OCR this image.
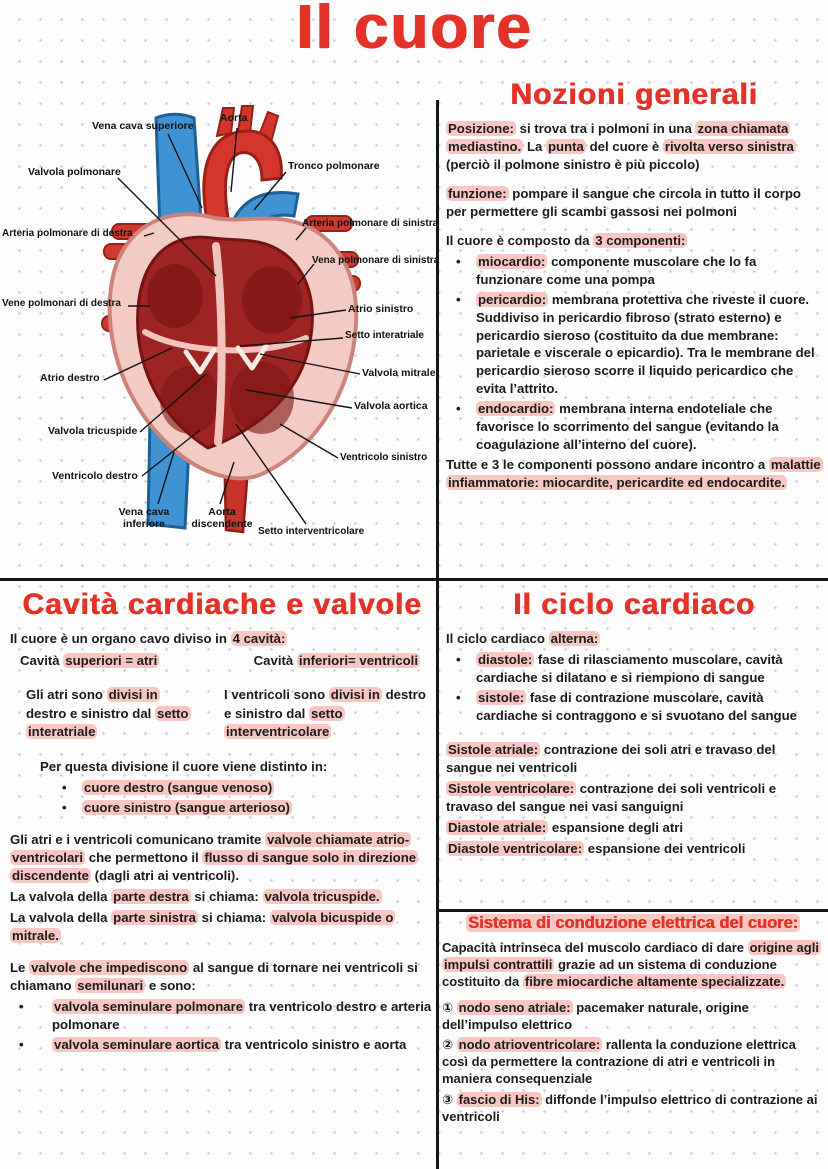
Il cuore
Vena cava superiore
Aorta
Valvola polmonare	Tronco polmonare
Arteria polmonare di destra
Arteria polmonare di sinistra
Vena polmonare di sinistra
Vene polmonari di destra	Atrio sinistro
Setto interatriale
Valvola mitrale
Atrio destro
Valvola aortica
Valvola tricuspide
Ventricolo sinistro
Ventricolo destro
Vena cava inferiore
Aorta discendente
Setto interventricolare
Nozioni generali

Posizione: si trova tra i polmoni in una zona chiamata mediastino. La punta del cuore è rivolta verso sinistra (perciò il polmone sinistro è più piccolo)

funzione: pompare il sangue che circola in tutto il corpo per permettere gli scambi gassosi nei polmoni

Il cuore è composto da 3 componenti:

• miocardio: componente muscolare che lo fa funzionare come una pompa
• pericardio: membrana protettiva che riveste il cuore. Suddiviso in pericardio fibroso (strato esterno) e pericardio sieroso (costituito da due membrane: parietale e viscerale o epicardio). Tra le membrane del pericardio sieroso scorre il liquido pericardico che evita l’attrito.
• endocardio: membrana interna endoteliale che favorisce lo scorrimento del sangue (evitando la coagulazione all’interno del cuore).

Tutte e 3 le componenti possono andare incontro a malattie infiammatorie: miocardite, pericardite ed endocardite.

Cavità cardiache e valvole

Il cuore è un organo cavo diviso in 4 cavità:

Cavità superiori = atri	Cavità inferiori= ventricoli

Gli atri sono divisi in destro e sinistro dal setto interatriale

I ventricoli sono divisi in destro e sinistro dal setto interventricolare

Per questa divisione il cuore viene distinto in:

• cuore destro (sangue venoso)
• cuore sinistro (sangue arterioso)

Gli atri e i ventricoli comunicano tramite valvole chiamate atrio-ventricolari che permettono il flusso di sangue solo in direzione discendente (dagli atri ai ventricoli).

La valvola della parte destra si chiama: valvola tricuspide.

La valvola della parte sinistra si chiama: valvola bicuspide o mitrale.

Le valvole che impediscono al sangue di tornare nei ventricoli si chiamano semilunari e sono:

• valvola seminulare polmonare tra ventricolo destro e arteria polmonare
• valvola seminulare aortica tra ventricolo sinistro e aorta
Il ciclo cardiaco

Il ciclo cardiaco alterna:

• diastole: fase di rilasciamento muscolare, cavità cardiache si dilatano e si riempiono di sangue
• sistole: fase di contrazione muscolare, cavità cardiache si contraggono e si svuotano del sangue

Sistole atriale: contrazione dei soli atri e travaso del sangue nei ventricoli

Sistole ventricolare: contrazione dei soli ventricoli e travaso del sangue nei vasi sanguigni

Diastole atriale: espansione degli atri

Diastole ventricolare: espansione dei ventricoli

Sistema di conduzione elettrica del cuore:

Capacità intrinseca del muscolo cardiaco di dare origine agli impulsi contrattili grazie ad un sistema di conduzione costituito da fibre miocardiche altamente specializzate.

① nodo seno atriale: pacemaker naturale, origine dell’impulso elettrico

② nodo atrioventricolare: rallenta la conduzione elettrica così da permettere la contrazione di atri e ventricoli in maniera consequenziale

③ fascio di His: diffonde l’impulso elettrico di contrazione ai ventricoli
